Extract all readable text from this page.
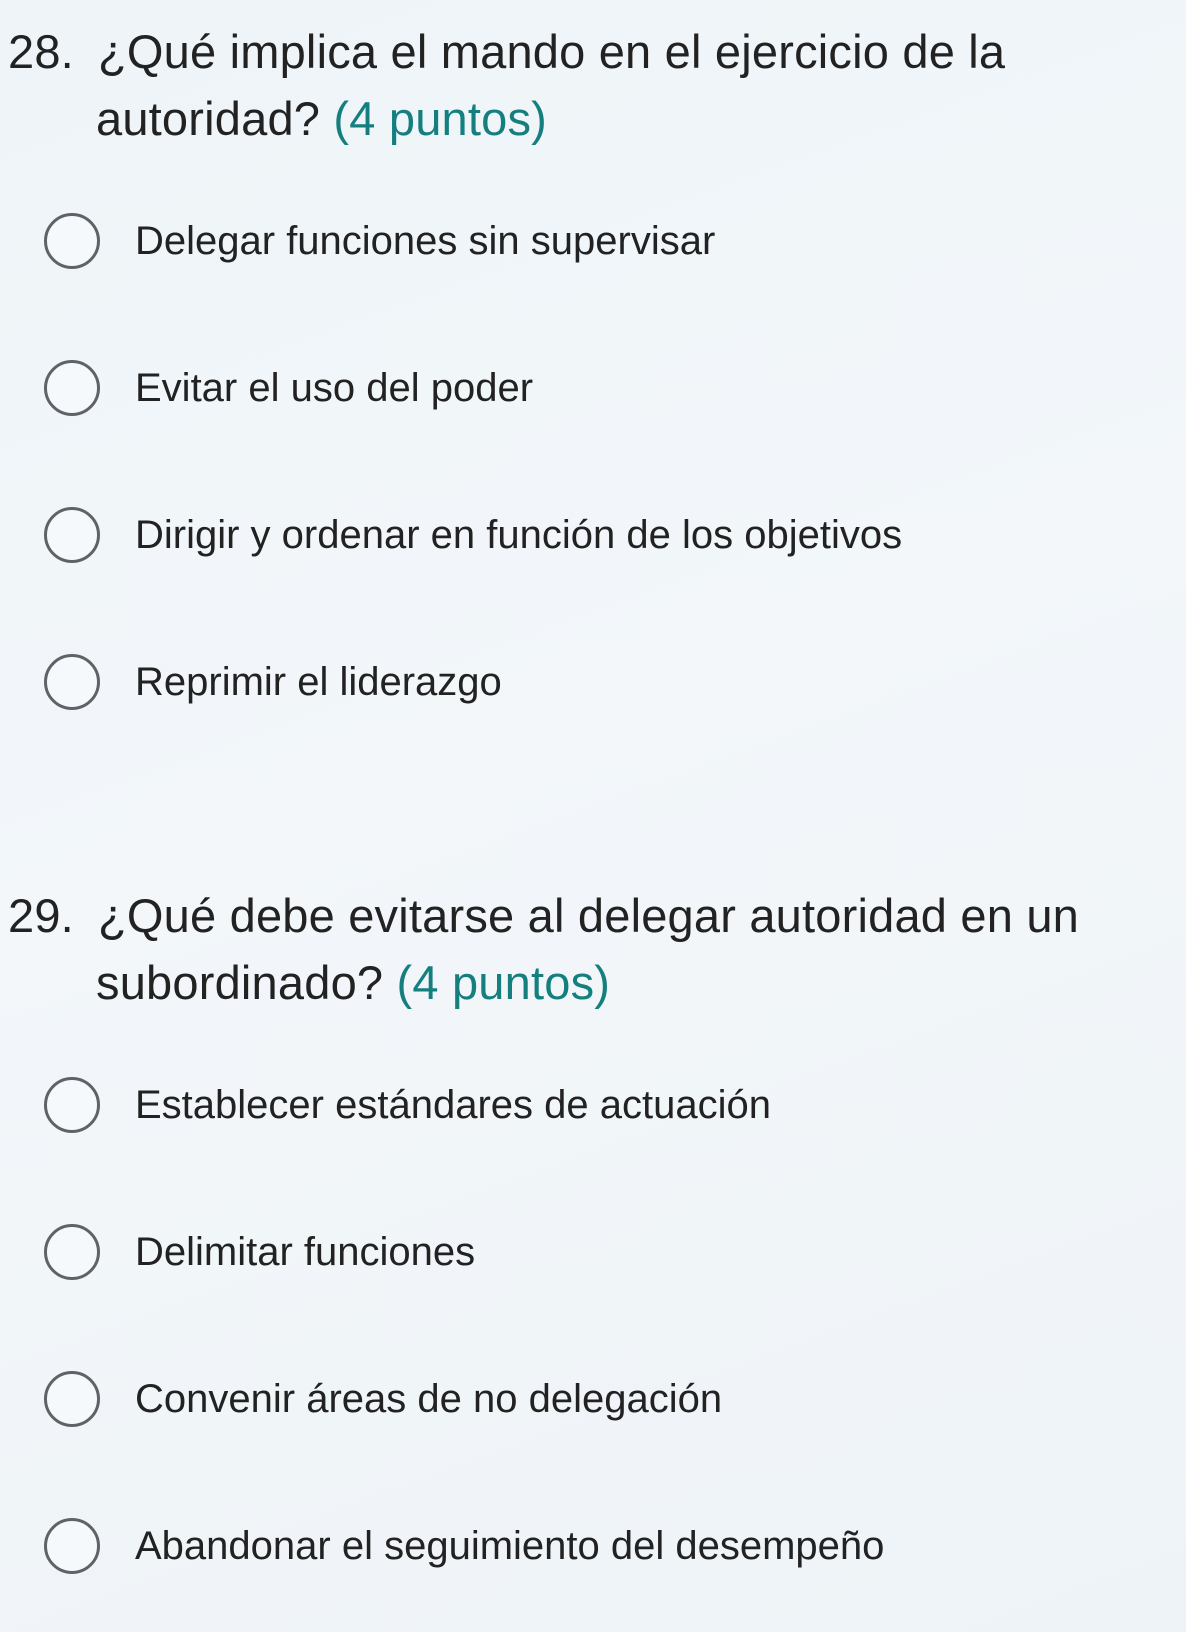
28. ¿Qué implica el mando en el ejercicio de la
autoridad? (4 puntos)
Delegar funciones sin supervisar
Evitar el uso del poder
Dirigir y ordenar en función de los objetivos
Reprimir el liderazgo
29. ¿Qué debe evitarse al delegar autoridad en un
subordinado? (4 puntos)
Establecer estándares de actuación
Delimitar funciones
Convenir áreas de no delegación
Abandonar el seguimiento del desempeño
